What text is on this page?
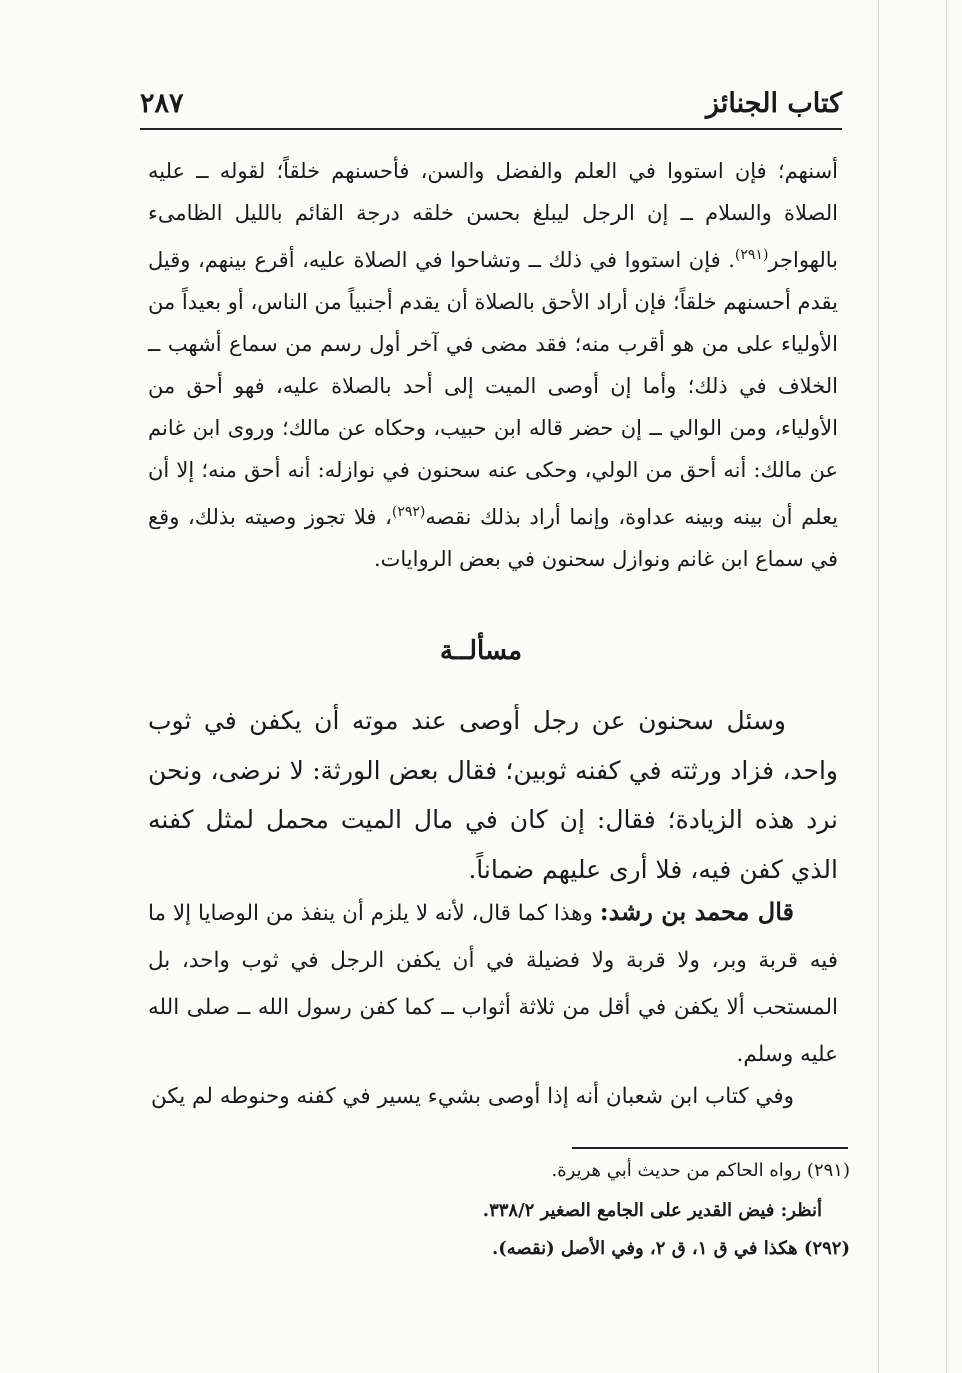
كتاب الجنائز
٢٨٧
أسنهم؛ فإن استووا في العلم والفضل والسن، فأحسنهم خلقاً؛ لقوله ــ عليه الصلاة والسلام ــ إن الرجل ليبلغ بحسن خلقه درجة القائم بالليل الظامىء بالهواجر$^{(٢٩١)}$. فإن استووا في ذلك ــ وتشاحوا في الصلاة عليه، أقرع بينهم، وقيل يقدم أحسنهم خلقاً؛ فإن أراد الأحق بالصلاة أن يقدم أجنبياً من الناس، أو بعيداً من الأولياء على من هو أقرب منه؛ فقد مضى في آخر أول رسم من سماع أشهب ــ الخلاف في ذلك؛ وأما إن أوصى الميت إلى أحد بالصلاة عليه، فهو أحق من الأولياء، ومن الوالي ــ إن حضر قاله ابن حبيب، وحكاه عن مالك؛ وروى ابن غانم عن مالك: أنه أحق من الولي، وحكى عنه سحنون في نوازله: أنه أحق منه؛ إلا أن يعلم أن بينه وبينه عداوة، وإنما أراد بذلك نقصه$^{(٢٩٢)}$، فلا تجوز وصيته بذلك، وقع في سماع ابن غانم ونوازل سحنون في بعض الروايات.
مسألــة
وسئل سحنون عن رجل أوصى عند موته أن يكفن في ثوب واحد، فزاد ورثته في كفنه ثوبين؛ فقال بعض الورثة: لا نرضى، ونحن نرد هذه الزيادة؛ فقال: إن كان في مال الميت محمل لمثل كفنه الذي كفن فيه، فلا أرى عليهم ضماناً.
قال محمد بن رشد: وهذا كما قال، لأنه لا يلزم أن ينفذ من الوصايا إلا ما فيه قربة وبر، ولا قربة ولا فضيلة في أن يكفن الرجل في ثوب واحد، بل المستحب ألا يكفن في أقل من ثلاثة أثواب ــ كما كفن رسول الله ــ صلى الله عليه وسلم.
وفي كتاب ابن شعبان أنه إذا أوصى بشيء يسير في كفنه وحنوطه لم يكن
(٢٩١) رواه الحاكم من حديث أبي هريرة.
أنظر: فيض القدير على الجامع الصغير ٣٣٨/٢.
(٢٩٢) هكذا في ق ١، ق ٢، وفي الأصل (نقصه).
